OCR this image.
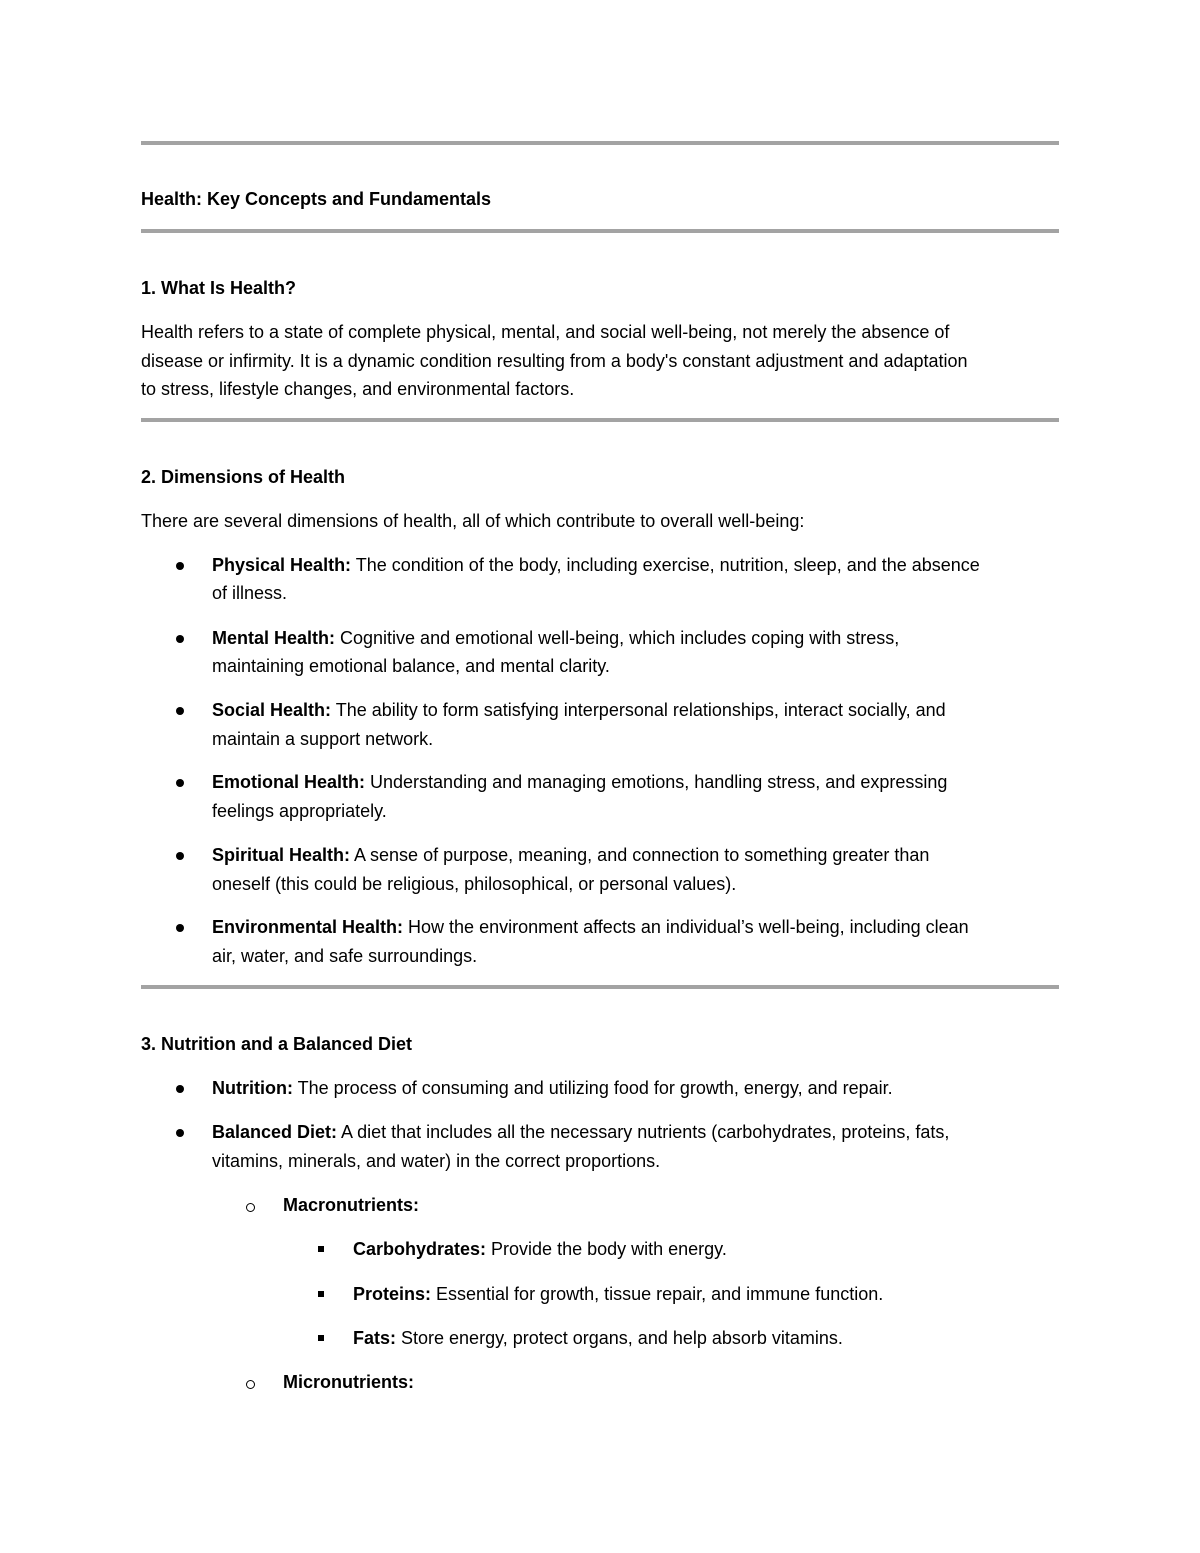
Health: Key Concepts and Fundamentals
1. What Is Health?
Health refers to a state of complete physical, mental, and social well-being, not merely the absence of
disease or infirmity. It is a dynamic condition resulting from a body's constant adjustment and adaptation
to stress, lifestyle changes, and environmental factors.
2. Dimensions of Health
There are several dimensions of health, all of which contribute to overall well-being:
Physical Health: The condition of the body, including exercise, nutrition, sleep, and the absence
of illness.
Mental Health: Cognitive and emotional well-being, which includes coping with stress,
maintaining emotional balance, and mental clarity.
Social Health: The ability to form satisfying interpersonal relationships, interact socially, and
maintain a support network.
Emotional Health: Understanding and managing emotions, handling stress, and expressing
feelings appropriately.
Spiritual Health: A sense of purpose, meaning, and connection to something greater than
oneself (this could be religious, philosophical, or personal values).
Environmental Health: How the environment affects an individual’s well-being, including clean
air, water, and safe surroundings.
3. Nutrition and a Balanced Diet
Nutrition: The process of consuming and utilizing food for growth, energy, and repair.
Balanced Diet: A diet that includes all the necessary nutrients (carbohydrates, proteins, fats,
vitamins, minerals, and water) in the correct proportions.
Macronutrients:
Carbohydrates: Provide the body with energy.
Proteins: Essential for growth, tissue repair, and immune function.
Fats: Store energy, protect organs, and help absorb vitamins.
Micronutrients:
